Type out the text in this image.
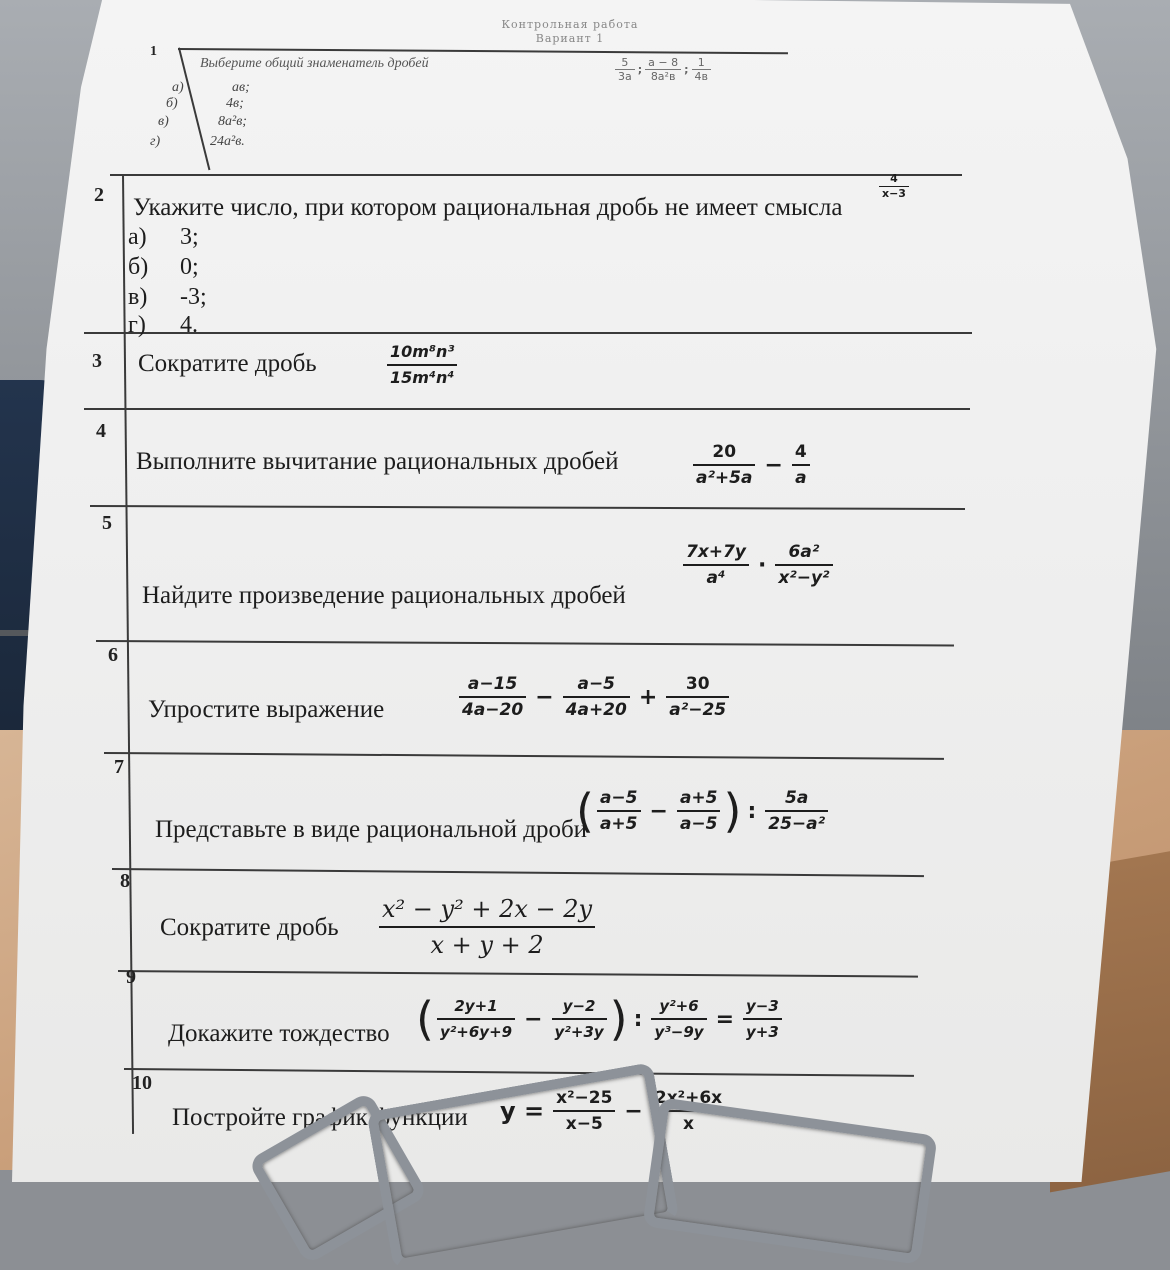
Контрольная работа
Вариант 1
1
Выберите общий знаменатель дробей	$\frac{5}{3a}$ ; $\frac{a - 8}{\text{8a²в}}$ ; $\frac{1}{4в}$
а)	ав;
б)	4в;
в)	8a²в;
г)	24a²в.
2 Укажите число, при котором рациональная дробь не имеет смысла
$\frac{4}{x-3}$
а) 3;
б) 0;
в) -3;
г) 4.
3 Сократите дробь	$\frac{\text{10m⁸n³}}{\text{15m⁴n⁴}}$
4
Выполните вычитание рациональных дробей	$\frac{20}{\text{a²+5a}} - \frac{4}{a}$
5
Найдите произведение рациональных дробей
$\frac{7x+7y}{\text{a⁴}} \cdot \frac{\text{6a²}}{\text{x²−y²}}$
6
Упростите выражение	$\frac{a-15}{4a-20} - \frac{a-5}{4a+20} + \frac{30}{\text{a²−25}}$
7
Представьте в виде рациональной дроби
( $\frac{a-5}{a+5} - \frac{a+5}{a-5}$ ) : $\frac{5a}{\text{25−a²}}$
8
Сократите дробь $\frac{\text{x² − y² + 2x − 2y}}{x + y + 2}$
9
Докажите тождество ( $\frac{2y+1}{\text{y²+6y+9}} - \frac{y-2}{\text{y²+3y}}$ ) : $\frac{\text{y²+6}}{\text{y³−9y}} = \frac{y-3}{y+3}$
10
Постройте график функции $y = \frac{\text{x²−25}}{x-5} - \frac{\text{2x²+6x}}{x}$
